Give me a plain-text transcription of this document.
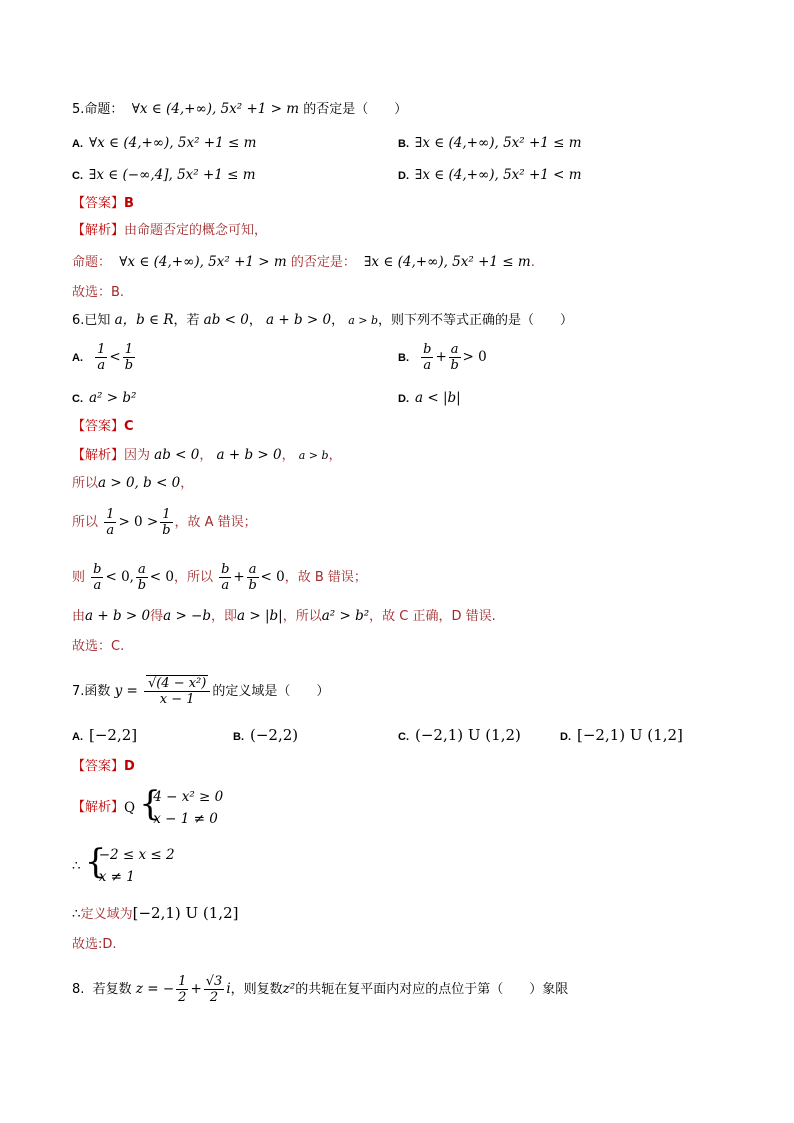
5.命题： ∀x ∈ (4,+∞), 5x² +1 > m 的否定是（　　）
A. ∀x ∈ (4,+∞), 5x² +1 ≤ m	B. ∃x ∈ (4,+∞), 5x² +1 ≤ m
C. ∃x ∈ (−∞,4], 5x² +1 ≤ m	D. ∃x ∈ (4,+∞), 5x² +1 < m
【答案】B
【解析】由命题否定的概念可知，
命题： ∀x ∈ (4,+∞), 5x² +1 > m 的否定是： ∃x ∈ (4,+∞), 5x² +1 ≤ m.
故选：B.
6.已知 a，b ∈ R，若 ab < 0， a + b > 0， a > b，则下列不等式正确的是（　　）
A. $\frac{1}{a} < \frac{1}{b}$	B. $\frac{b}{a} + \frac{a}{b} > 0$
C. a² > b²	D. a < |b|
【答案】C
【解析】因为 ab < 0， a + b > 0， a > b，
所以a > 0, b < 0，
所以 $\frac{1}{a} > 0 > \frac{1}{b}$ ，故 A 错误；
则 $\frac{b}{a} < 0$, $\frac{a}{b} < 0$，所以 $\frac{b}{a} + \frac{a}{b} < 0$，故 B 错误；
由a + b > 0得a > −b，即a > |b|，所以a² > b²，故 C 正确，D 错误.
故选：C.
7.函数 $y = \frac{\text{√(4 − x²)}}{x - 1}$ 的定义域是（　　）
A. [−2,2]	B. (−2,2)	C. (−2,1) U (1,2)	D. [−2,1) U (1,2]
【答案】D
【解析】Q {
4 − x² ≥ 0
x − 1 ≠ 0
∴ {
−2 ≤ x ≤ 2
x ≠ 1
∴定义域为[−2,1) U (1,2]
故选:D.
8. 若复数 z = − $\frac{1}{2} + \frac{√3}{2}$ i，则复数z²的共轭在复平面内对应的点位于第（　　）象限
